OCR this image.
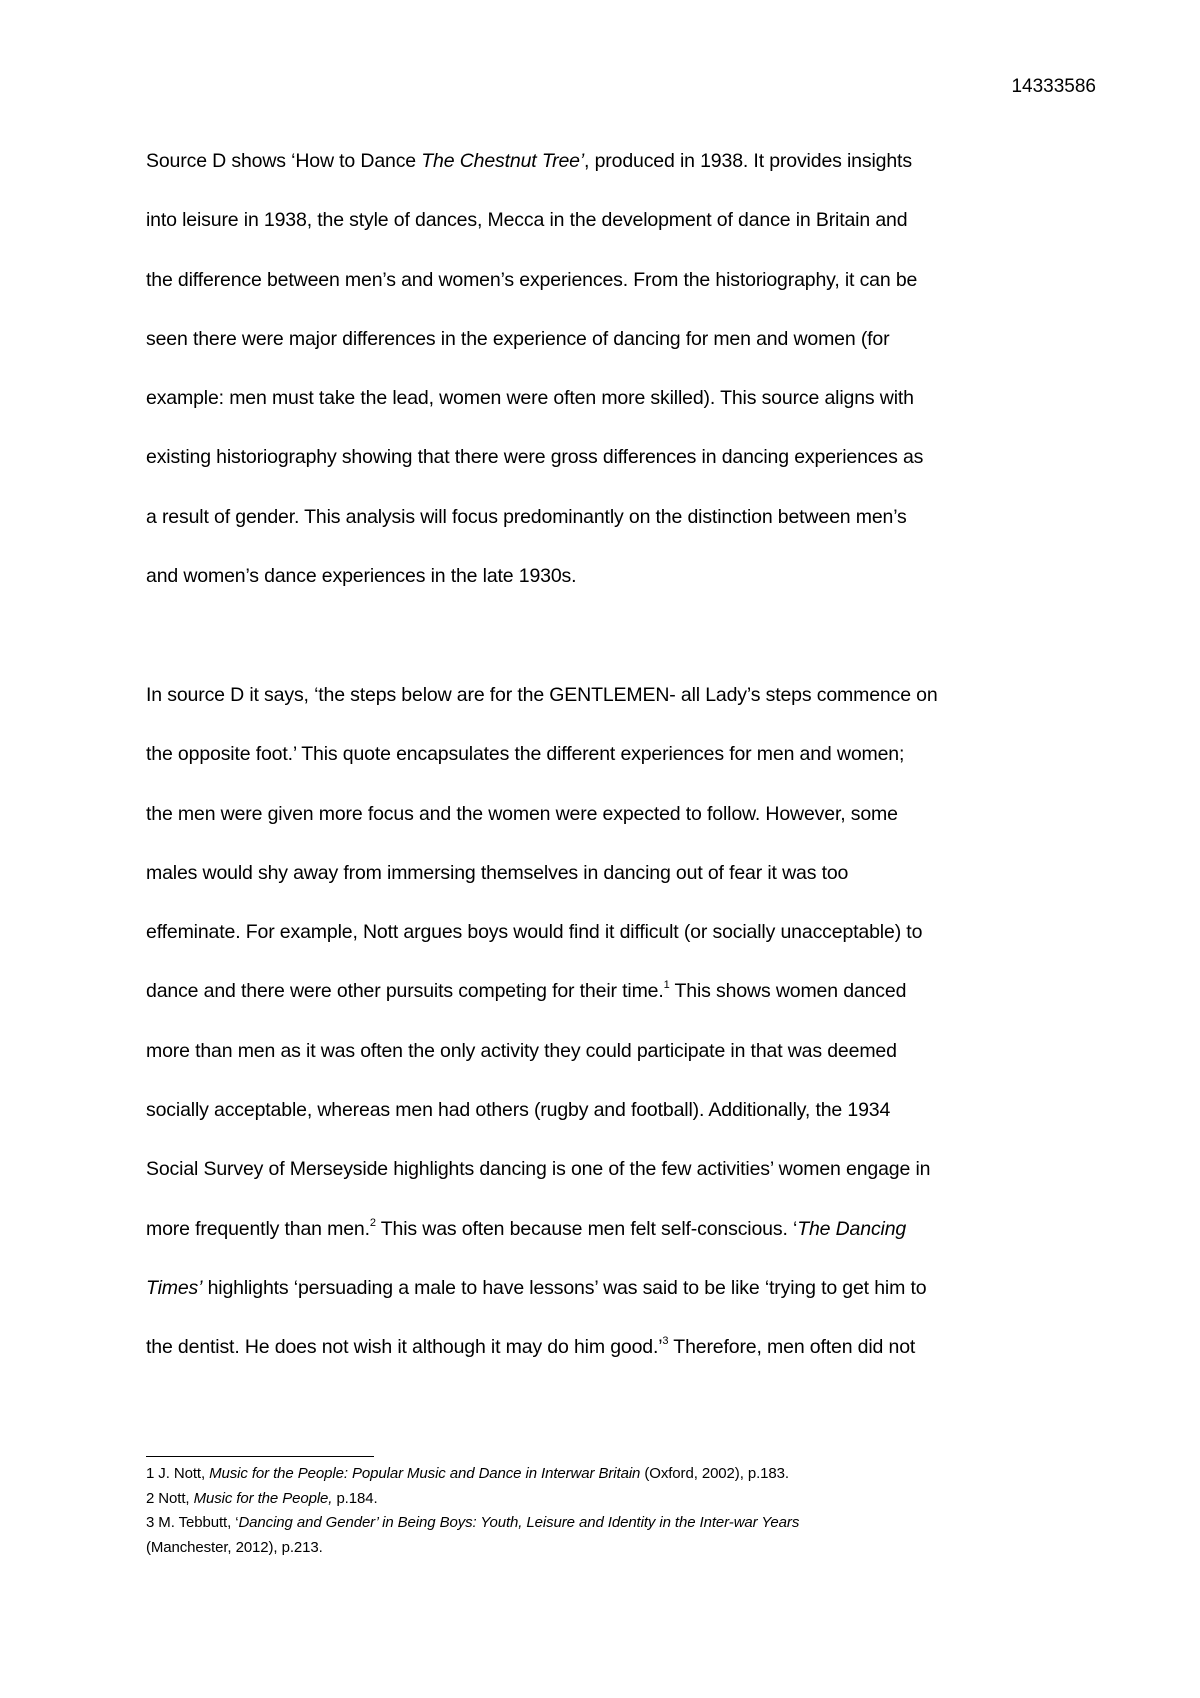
14333586
Source D shows ‘How to Dance The Chestnut Tree’, produced in 1938. It provides insights
into leisure in 1938, the style of dances, Mecca in the development of dance in Britain and
the difference between men’s and women’s experiences. From the historiography, it can be
seen there were major differences in the experience of dancing for men and women (for
example: men must take the lead, women were often more skilled). This source aligns with
existing historiography showing that there were gross differences in dancing experiences as
a result of gender. This analysis will focus predominantly on the distinction between men’s
and women’s dance experiences in the late 1930s.
In source D it says, ‘the steps below are for the GENTLEMEN- all Lady’s steps commence on
the opposite foot.’ This quote encapsulates the different experiences for men and women;
the men were given more focus and the women were expected to follow. However, some
males would shy away from immersing themselves in dancing out of fear it was too
effeminate. For example, Nott argues boys would find it difficult (or socially unacceptable) to
dance and there were other pursuits competing for their time.$^1$ This shows women danced
more than men as it was often the only activity they could participate in that was deemed
socially acceptable, whereas men had others (rugby and football). Additionally, the 1934
Social Survey of Merseyside highlights dancing is one of the few activities’ women engage in
more frequently than men.$^2$ This was often because men felt self-conscious. ‘The Dancing
Times’ highlights ‘persuading a male to have lessons’ was said to be like ‘trying to get him to
the dentist. He does not wish it although it may do him good.’$^3$ Therefore, men often did not
1 J. Nott, Music for the People: Popular Music and Dance in Interwar Britain (Oxford, 2002), p.183.
2 Nott, Music for the People, p.184.
3 M. Tebbutt, ‘Dancing and Gender’ in Being Boys: Youth, Leisure and Identity in the Inter-war Years
(Manchester, 2012), p.213.
